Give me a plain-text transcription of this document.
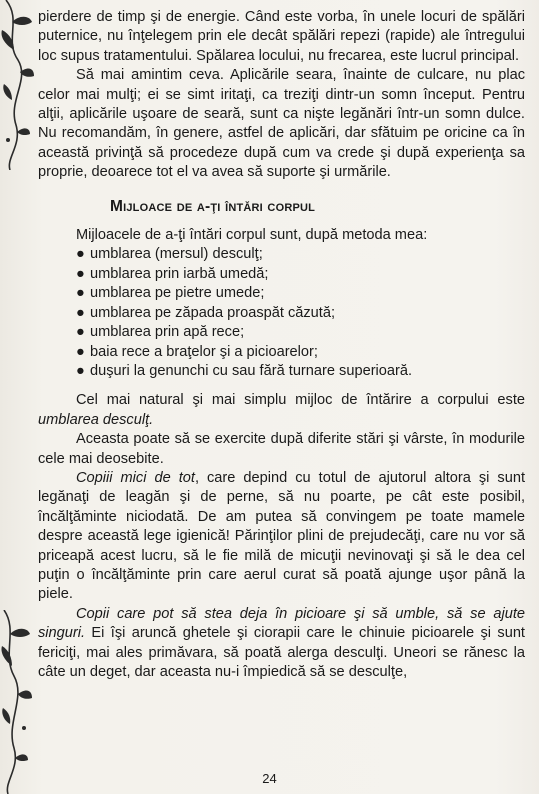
pierdere de timp şi de energie. Când este vorba, în unele locuri de spălări puternice, nu înţelegem prin ele decât spălări repezi (rapide) ale întregului loc supus tratamentului. Spălarea locului, nu frecarea, este lucrul principal.

Să mai amintim ceva. Aplicările seara, înainte de culcare, nu plac celor mai mulţi; ei se simt iritaţi, ca treziţi dintr-un somn început. Pentru alţii, aplicările uşoare de seară, sunt ca nişte legănări într-un somn dulce. Nu recomandăm, în genere, astfel de aplicări, dar sfătuim pe oricine ca în această privinţă să procedeze după cum va crede şi după experienţa sa proprie, deoarece tot el va avea să suporte şi urmările.

Mijloace de a-ţi întări corpul

Mijloacele de a-ţi întări corpul sunt, după metoda mea:

● umblarea (mersul) desculţ;
● umblarea prin iarbă umedă;
● umblarea pe pietre umede;
● umblarea pe zăpada proaspăt căzută;
● umblarea prin apă rece;
● baia rece a braţelor şi a picioarelor;
● duşuri la genunchi cu sau fără turnare superioară.

Cel mai natural şi mai simplu mijloc de întărire a corpului este umblarea desculţ.

Aceasta poate să se exercite după diferite stări şi vârste, în modurile cele mai deosebite.

Copiii mici de tot, care depind cu totul de ajutorul altora şi sunt legănaţi de leagăn şi de perne, să nu poarte, pe cât este posibil, încălţăminte niciodată. De am putea să convingem pe toate mamele despre această lege igienică! Părinţilor plini de prejudecăţi, care nu vor să priceapă acest lucru, să le fie milă de micuţii nevinovaţi şi să le dea cel puţin o încălţăminte prin care aerul curat să poată ajunge uşor până la piele.

Copii care pot să stea deja în picioare şi să umble, să se ajute singuri. Ei îşi aruncă ghetele şi ciorapii care le chinuie picioarele şi sunt fericiţi, mai ales primăvara, să poată alerga desculţi. Uneori se rănesc la câte un deget, dar aceasta nu-i împiedică să se desculţe,

24
